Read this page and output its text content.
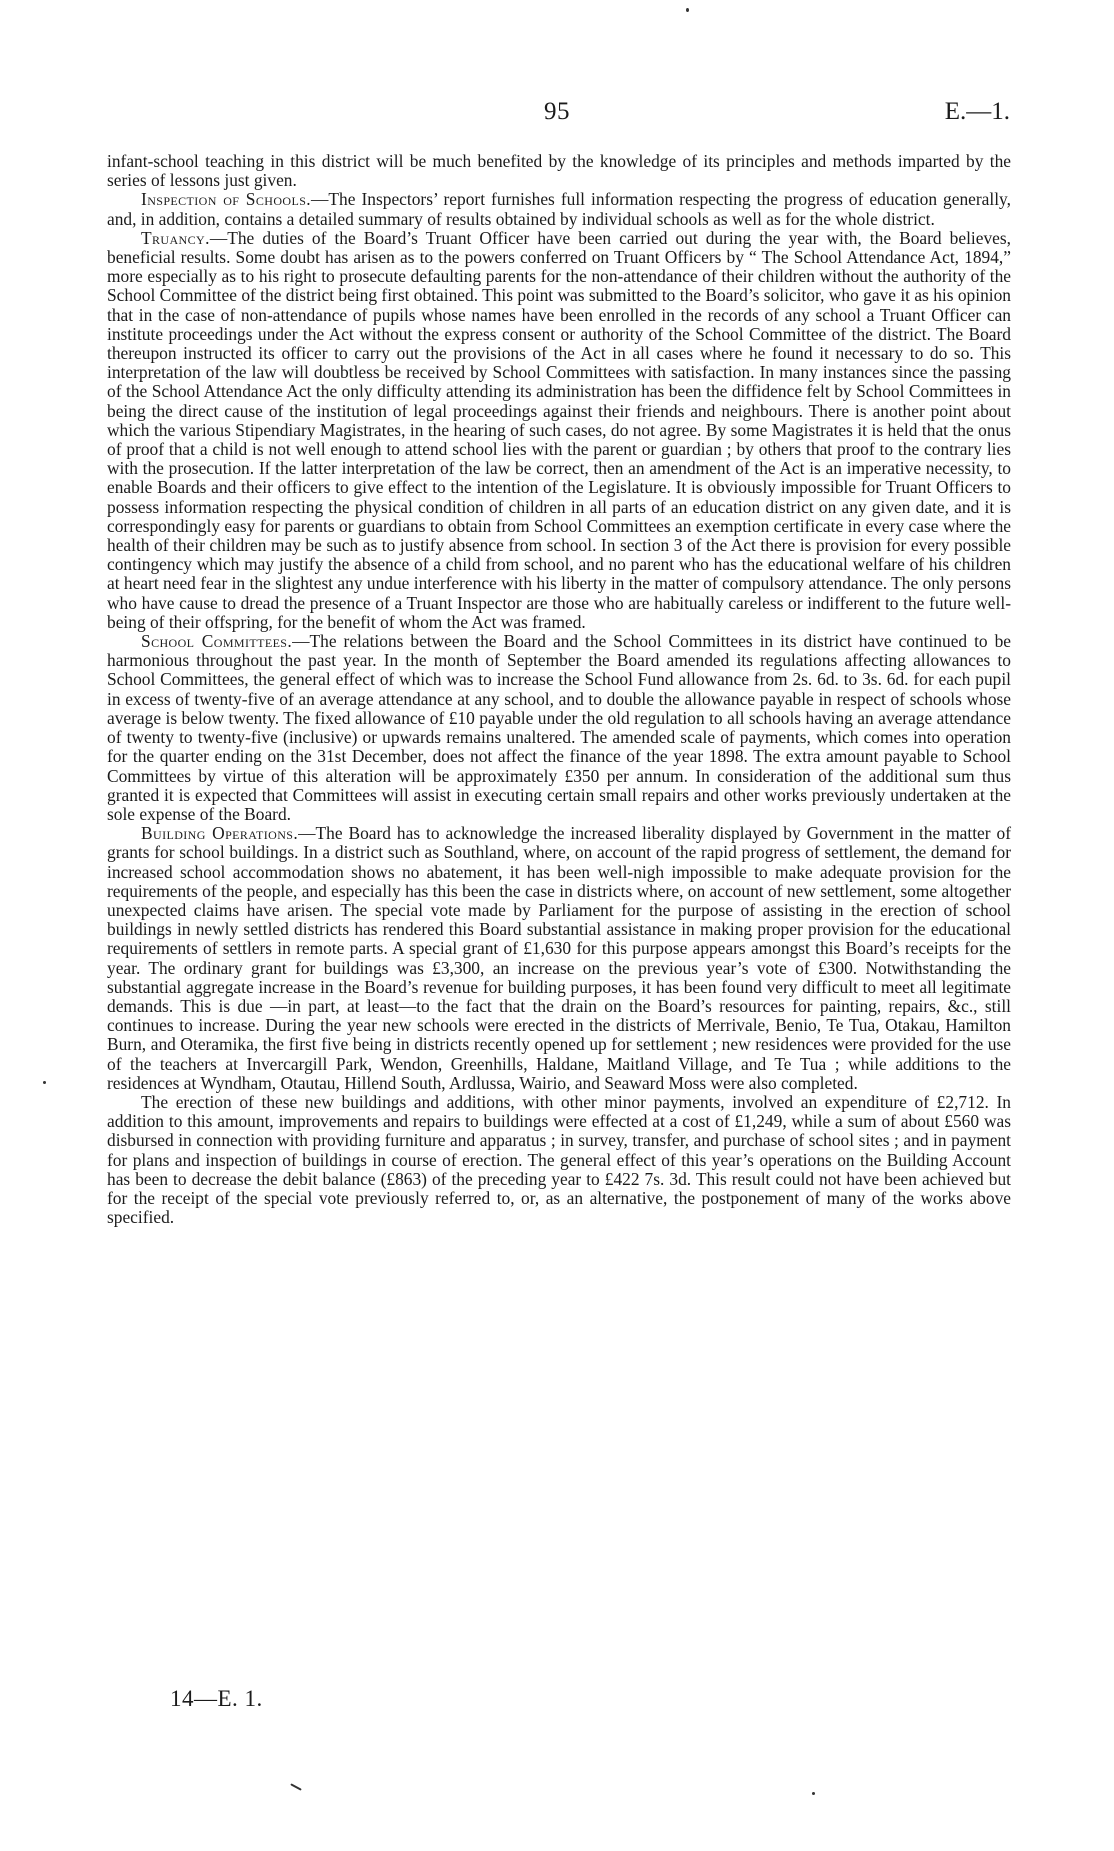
95	E.—1.

infant-school teaching in this district will be much benefited by the knowledge of its principles and methods imparted by the series of lessons just given.

Inspection of Schools.—The Inspectors’ report furnishes full information respecting the progress of education generally, and, in addition, contains a detailed summary of results obtained by individual schools as well as for the whole district.

Truancy.—The duties of the Board’s Truant Officer have been carried out during the year with, the Board believes, beneficial results. Some doubt has arisen as to the powers conferred on Truant Officers by “ The School Attendance Act, 1894,” more especially as to his right to prosecute defaulting parents for the non-attendance of their children without the authority of the School Committee of the district being first obtained. This point was submitted to the Board’s solicitor, who gave it as his opinion that in the case of non-attendance of pupils whose names have been enrolled in the records of any school a Truant Officer can institute proceedings under the Act without the express consent or authority of the School Committee of the district. The Board thereupon instructed its officer to carry out the provisions of the Act in all cases where he found it necessary to do so. This interpretation of the law will doubtless be received by School Committees with satisfaction. In many instances since the passing of the School Attendance Act the only difficulty attending its administration has been the diffidence felt by School Committees in being the direct cause of the institution of legal proceedings against their friends and neighbours. There is another point about which the various Stipendiary Magistrates, in the hearing of such cases, do not agree. By some Magistrates it is held that the onus of proof that a child is not well enough to attend school lies with the parent or guardian ; by others that proof to the contrary lies with the prosecution. If the latter interpretation of the law be correct, then an amendment of the Act is an imperative necessity, to enable Boards and their officers to give effect to the intention of the Legislature. It is obviously impossible for Truant Officers to possess information respecting the physical condition of children in all parts of an education district on any given date, and it is correspondingly easy for parents or guardians to obtain from School Committees an exemption certificate in every case where the health of their children may be such as to justify absence from school. In section 3 of the Act there is provision for every possible contingency which may justify the absence of a child from school, and no parent who has the educational welfare of his children at heart need fear in the slightest any undue interference with his liberty in the matter of compulsory attendance. The only persons who have cause to dread the presence of a Truant Inspector are those who are habitually careless or indifferent to the future well-being of their offspring, for the benefit of whom the Act was framed.

School Committees.—The relations between the Board and the School Committees in its district have continued to be harmonious throughout the past year. In the month of September the Board amended its regulations affecting allowances to School Committees, the general effect of which was to increase the School Fund allowance from 2s. 6d. to 3s. 6d. for each pupil in excess of twenty-five of an average attendance at any school, and to double the allowance payable in respect of schools whose average is below twenty. The fixed allowance of £10 payable under the old regulation to all schools having an average attendance of twenty to twenty-five (inclusive) or upwards remains unaltered. The amended scale of payments, which comes into operation for the quarter ending on the 31st December, does not affect the finance of the year 1898. The extra amount payable to School Committees by virtue of this alteration will be approximately £350 per annum. In consideration of the additional sum thus granted it is expected that Committees will assist in executing certain small repairs and other works previously undertaken at the sole expense of the Board.

Building Operations.—The Board has to acknowledge the increased liberality displayed by Government in the matter of grants for school buildings. In a district such as Southland, where, on account of the rapid progress of settlement, the demand for increased school accommodation shows no abatement, it has been well-nigh impossible to make adequate provision for the requirements of the people, and especially has this been the case in districts where, on account of new settlement, some altogether unexpected claims have arisen. The special vote made by Parliament for the purpose of assisting in the erection of school buildings in newly settled districts has rendered this Board substantial assistance in making proper provision for the educational requirements of settlers in remote parts. A special grant of £1,630 for this purpose appears amongst this Board’s receipts for the year. The ordinary grant for buildings was £3,300, an increase on the previous year’s vote of £300. Notwithstanding the substantial aggregate increase in the Board’s revenue for building purposes, it has been found very difficult to meet all legitimate demands. This is due —in part, at least—to the fact that the drain on the Board’s resources for painting, repairs, &c., still continues to increase. During the year new schools were erected in the districts of Merrivale, Benio, Te Tua, Otakau, Hamilton Burn, and Oteramika, the first five being in districts recently opened up for settlement ; new residences were provided for the use of the teachers at Invercargill Park, Wendon, Greenhills, Haldane, Maitland Village, and Te Tua ; while additions to the residences at Wyndham, Otautau, Hillend South, Ardlussa, Wairio, and Seaward Moss were also completed.

The erection of these new buildings and additions, with other minor payments, involved an expenditure of £2,712. In addition to this amount, improvements and repairs to buildings were effected at a cost of £1,249, while a sum of about £560 was disbursed in connection with providing furniture and apparatus ; in survey, transfer, and purchase of school sites ; and in payment for plans and inspection of buildings in course of erection. The general effect of this year’s operations on the Building Account has been to decrease the debit balance (£863) of the preceding year to £422 7s. 3d. This result could not have been achieved but for the receipt of the special vote previously referred to, or, as an alternative, the postponement of many of the works above specified.

14—E. 1.
